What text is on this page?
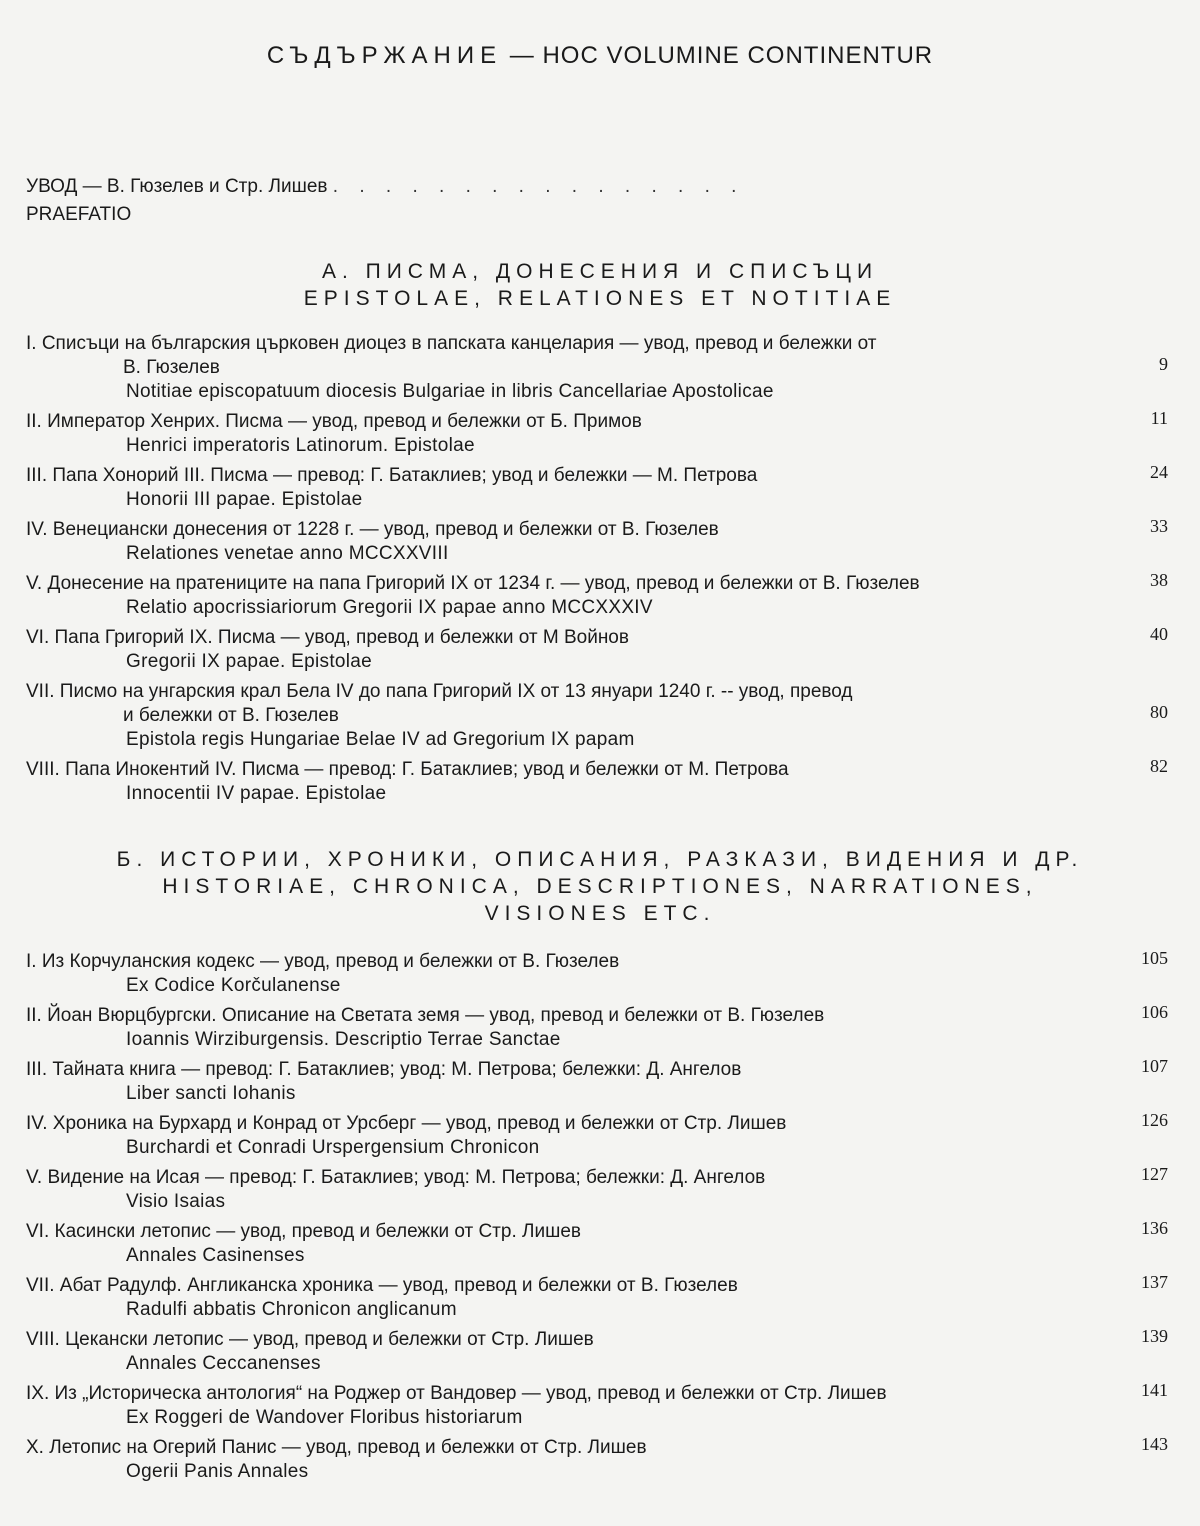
СЪДЪРЖАНИЕ — HOC VOLUMINE CONTINENTUR
УВОД — В. Гюзелев и Стр. Лишев . . . . . . . . . . . . . . . .
PRAEFATIO
А. ПИСМА, ДОНЕСЕНИЯ И СПИСЪЦИ
EPISTOLAE, RELATIONES ET NOTITIAE
I. Списъци на българския църковен диоцез в папската канцелария — увод, превод и бележки от
В. Гюзелев
Notitiae episcopatuum diocesis Bulgariae in libris Cancellariae Apostolicae
9
II. Император Хенрих. Писма — увод, превод и бележки от Б. Примов
Henrici imperatoris Latinorum. Epistolae
11
III. Папа Хонорий III. Писма — превод: Г. Батаклиев; увод и бележки — М. Петрова
Honorii III papae. Epistolae
24
IV. Венециански донесения от 1228 г. — увод, превод и бележки от В. Гюзелев
Relationes venetae anno MCCXXVIII
33
V. Донесение на пратениците на папа Григорий IX от 1234 г. — увод, превод и бележки от В. Гюзелев
Relatio apocrissiariorum Gregorii IX papae anno MCCXXXIV
38
VI. Папа Григорий IX. Писма — увод, превод и бележки от М Войнов
Gregorii IX papae. Epistolae
40
VII. Писмо на унгарския крал Бела IV до папа Григорий IX от 13 януари 1240 г. -- увод, превод
и бележки от В. Гюзелев
Epistola regis Hungariae Belae IV ad Gregorium IX papam
80
VIII. Папа Инокентий IV. Писма — превод: Г. Батаклиев; увод и бележки от М. Петрова
Innocentii IV papae. Epistolae
82
Б. ИСТОРИИ, ХРОНИКИ, ОПИСАНИЯ, РАЗКАЗИ, ВИДЕНИЯ И ДР.
HISTORIAE, CHRONICA, DESCRIPTIONES, NARRATIONES,
VISIONES ETC.
I. Из Корчуланския кодекс — увод, превод и бележки от В. Гюзелев
Ex Codice Korčulanense
105
II. Йоан Вюрцбургски. Описание на Светата земя — увод, превод и бележки от В. Гюзелев
Ioannis Wirziburgensis. Descriptio Terrae Sanctae
106
III. Тайната книга — превод: Г. Батаклиев; увод: М. Петрова; бележки: Д. Ангелов
Liber sancti Iohanis
107
IV. Хроника на Бурхард и Конрад от Урсберг — увод, превод и бележки от Стр. Лишев
Burchardi et Conradi Urspergensium Chronicon
126
V. Видение на Исая — превод: Г. Батаклиев; увод: М. Петрова; бележки: Д. Ангелов
Visio Isaias
127
VI. Касински летопис — увод, превод и бележки от Стр. Лишев
Annales Casinenses
136
VII. Абат Радулф. Англиканска хроника — увод, превод и бележки от В. Гюзелев
Radulfi abbatis Chronicon anglicanum
137
VIII. Цекански летопис — увод, превод и бележки от Стр. Лишев
Annales Ceccanenses
139
IX. Из „Историческа антология“ на Роджер от Вандовер — увод, превод и бележки от Стр. Лишев
Ex Roggeri de Wandover Floribus historiarum
141
X. Летопис на Огерий Панис — увод, превод и бележки от Стр. Лишев
Ogerii Panis Annales
143
